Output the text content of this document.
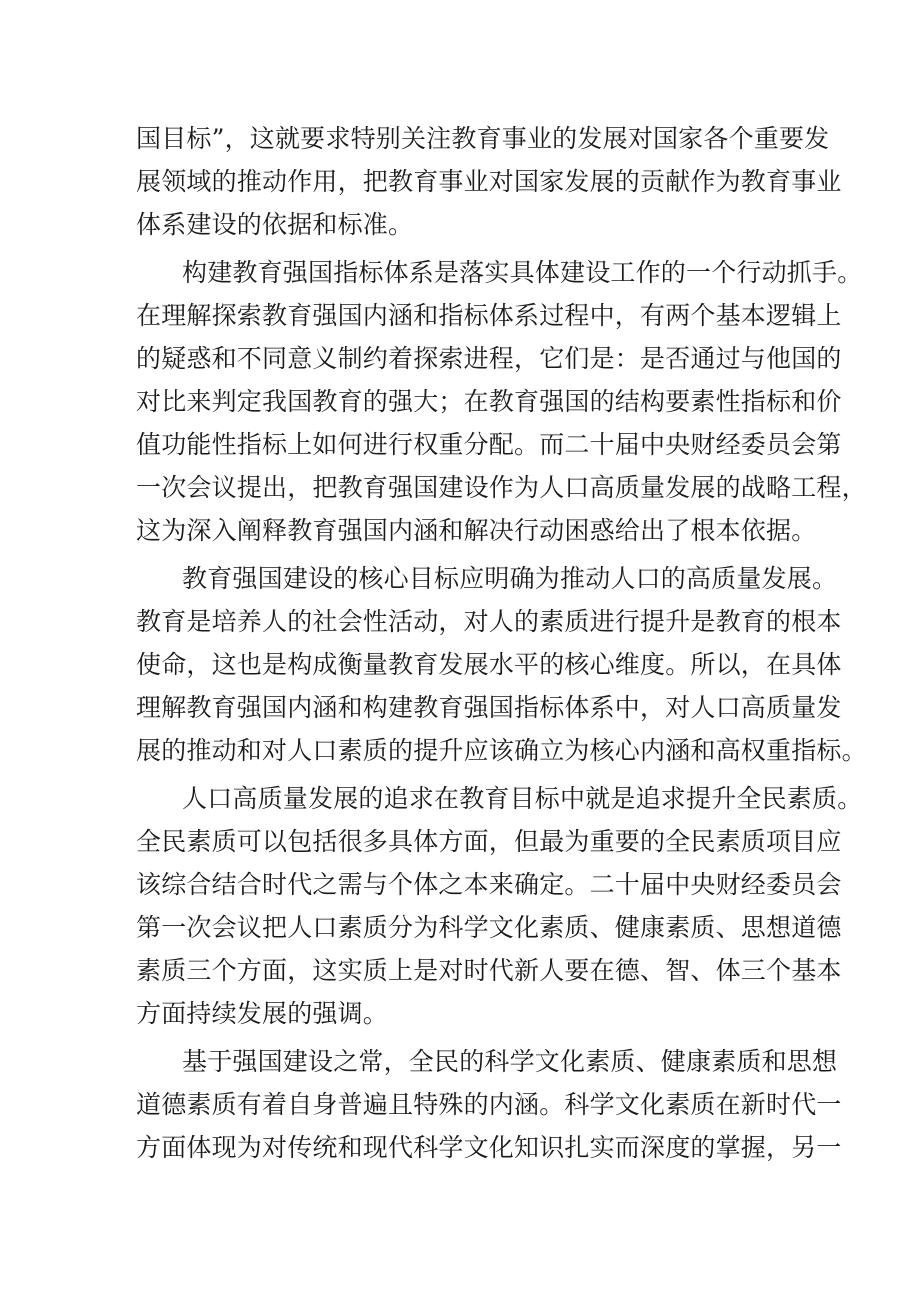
国目标”，这就要求特别关注教育事业的发展对国家各个重要发
展领域的推动作用，把教育事业对国家发展的贡献作为教育事业
体系建设的依据和标准。
构建教育强国指标体系是落实具体建设工作的一个行动抓手。
在理解探索教育强国内涵和指标体系过程中，有两个基本逻辑上
的疑惑和不同意义制约着探索进程，它们是：是否通过与他国的
对比来判定我国教育的强大；在教育强国的结构要素性指标和价
值功能性指标上如何进行权重分配。而二十届中央财经委员会第
一次会议提出，把教育强国建设作为人口高质量发展的战略工程，
这为深入阐释教育强国内涵和解决行动困惑给出了根本依据。
教育强国建设的核心目标应明确为推动人口的高质量发展。
教育是培养人的社会性活动，对人的素质进行提升是教育的根本
使命，这也是构成衡量教育发展水平的核心维度。所以，在具体
理解教育强国内涵和构建教育强国指标体系中，对人口高质量发
展的推动和对人口素质的提升应该确立为核心内涵和高权重指标。
人口高质量发展的追求在教育目标中就是追求提升全民素质。
全民素质可以包括很多具体方面，但最为重要的全民素质项目应
该综合结合时代之需与个体之本来确定。二十届中央财经委员会
第一次会议把人口素质分为科学文化素质、健康素质、思想道德
素质三个方面，这实质上是对时代新人要在德、智、体三个基本
方面持续发展的强调。
基于强国建设之常，全民的科学文化素质、健康素质和思想
道德素质有着自身普遍且特殊的内涵。科学文化素质在新时代一
方面体现为对传统和现代科学文化知识扎实而深度的掌握，另一
